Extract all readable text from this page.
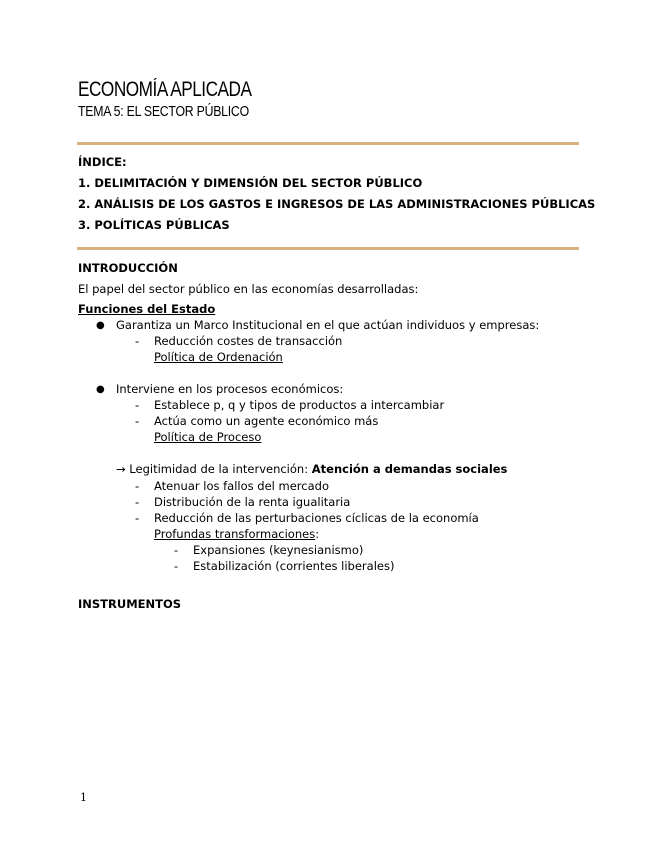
ECONOMÍA APLICADA
TEMA 5: EL SECTOR PÚBLICO
ÍNDICE:
1. DELIMITACIÓN Y DIMENSIÓN DEL SECTOR PÚBLICO
2. ANÁLISIS DE LOS GASTOS E INGRESOS DE LAS ADMINISTRACIONES PÚBLICAS
3. POLÍTICAS PÚBLICAS
INTRODUCCIÓN
El papel del sector público en las economías desarrolladas:
Funciones del Estado
● Garantiza un Marco Institucional en el que actúan individuos y empresas:
- Reducción costes de transacción
Política de Ordenación
● Interviene en los procesos económicos:
- Establece p, q y tipos de productos a intercambiar
- Actúa como un agente económico más
Política de Proceso
→ Legitimidad de la intervención: Atención a demandas sociales
- Atenuar los fallos del mercado
- Distribución de la renta igualitaria
- Reducción de las perturbaciones cíclicas de la economía
Profundas transformaciones:
- Expansiones (keynesianismo)
- Estabilización (corrientes liberales)
INSTRUMENTOS
1
